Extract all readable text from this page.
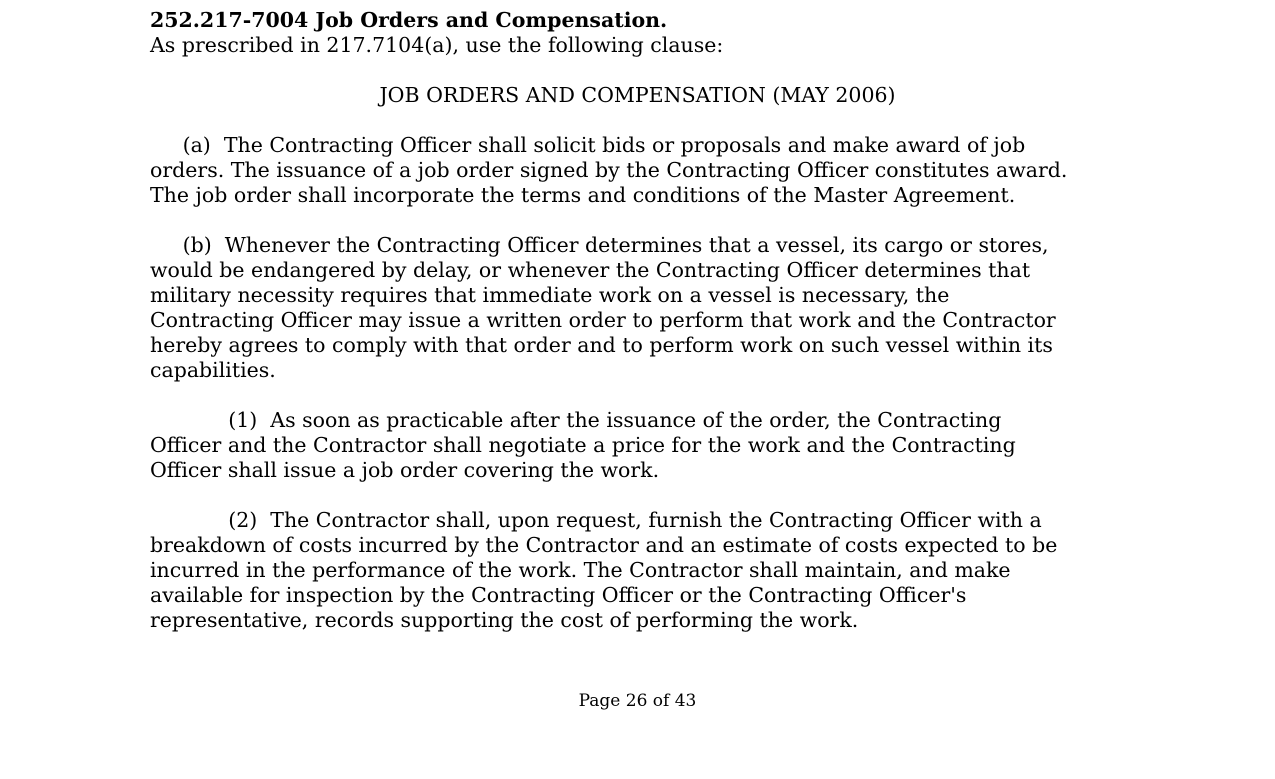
252.217-7004 Job Orders and Compensation.

As prescribed in 217.7104(a), use the following clause:

JOB ORDERS AND COMPENSATION (MAY 2006)

(a)  The Contracting Officer shall solicit bids or proposals and make award of job
orders. The issuance of a job order signed by the Contracting Officer constitutes award.
The job order shall incorporate the terms and conditions of the Master Agreement.
(b)  Whenever the Contracting Officer determines that a vessel, its cargo or stores,
would be endangered by delay, or whenever the Contracting Officer determines that
military necessity requires that immediate work on a vessel is necessary, the
Contracting Officer may issue a written order to perform that work and the Contractor
hereby agrees to comply with that order and to perform work on such vessel within its
capabilities.
(1)  As soon as practicable after the issuance of the order, the Contracting
Officer and the Contractor shall negotiate a price for the work and the Contracting
Officer shall issue a job order covering the work.
(2)  The Contractor shall, upon request, furnish the Contracting Officer with a
breakdown of costs incurred by the Contractor and an estimate of costs expected to be
incurred in the performance of the work. The Contractor shall maintain, and make
available for inspection by the Contracting Officer or the Contracting Officer's
representative, records supporting the cost of performing the work.
Page 26 of 43
